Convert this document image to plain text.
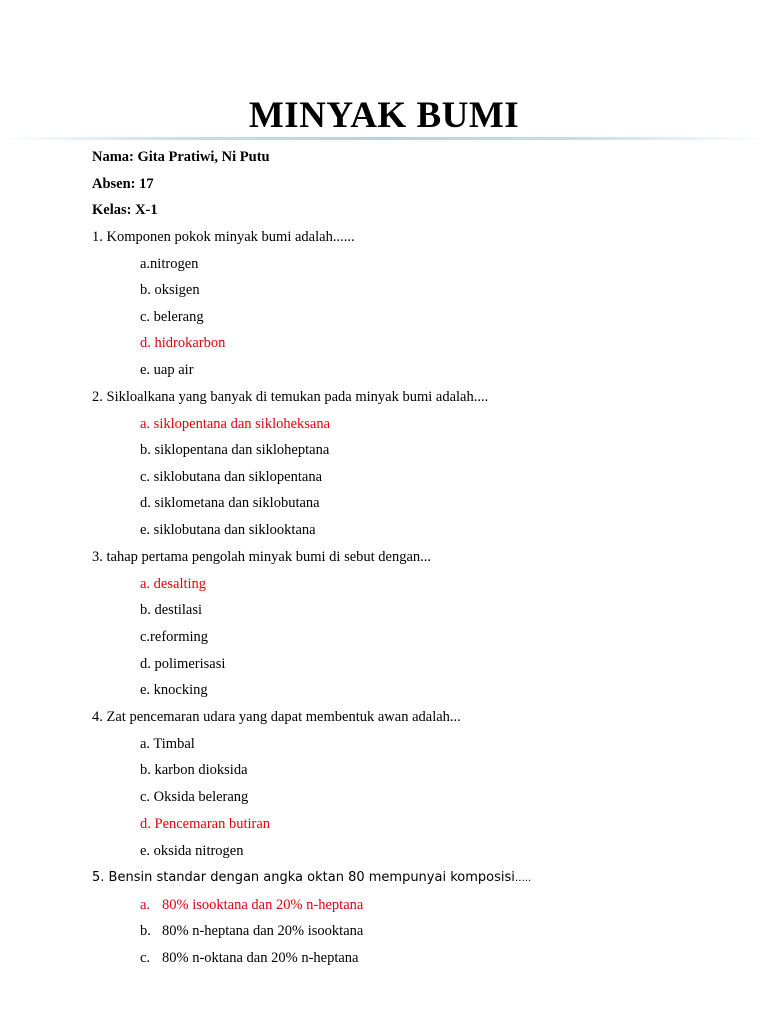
MINYAK BUMI
Nama: Gita Pratiwi, Ni Putu
Absen: 17
Kelas: X-1
1. Komponen pokok minyak bumi adalah......
a.nitrogen
b. oksigen
c. belerang
d. hidrokarbon
e. uap air
2. Sikloalkana yang banyak di temukan pada minyak bumi adalah....
a. siklopentana dan sikloheksana
b. siklopentana dan sikloheptana
c. siklobutana dan siklopentana
d. siklometana dan siklobutana
e. siklobutana dan siklooktana
3. tahap pertama pengolah minyak bumi di sebut dengan...
a. desalting
b. destilasi
c.reforming
d. polimerisasi
e. knocking
4. Zat pencemaran udara yang dapat membentuk awan adalah...
a. Timbal
b. karbon dioksida
c. Oksida belerang
d. Pencemaran butiran
e. oksida nitrogen
5. Bensin standar dengan angka oktan 80 mempunyai komposisi…..
a. 80% isooktana dan 20% n-heptana
b. 80% n-heptana dan 20% isooktana
c. 80% n-oktana dan 20% n-heptana
